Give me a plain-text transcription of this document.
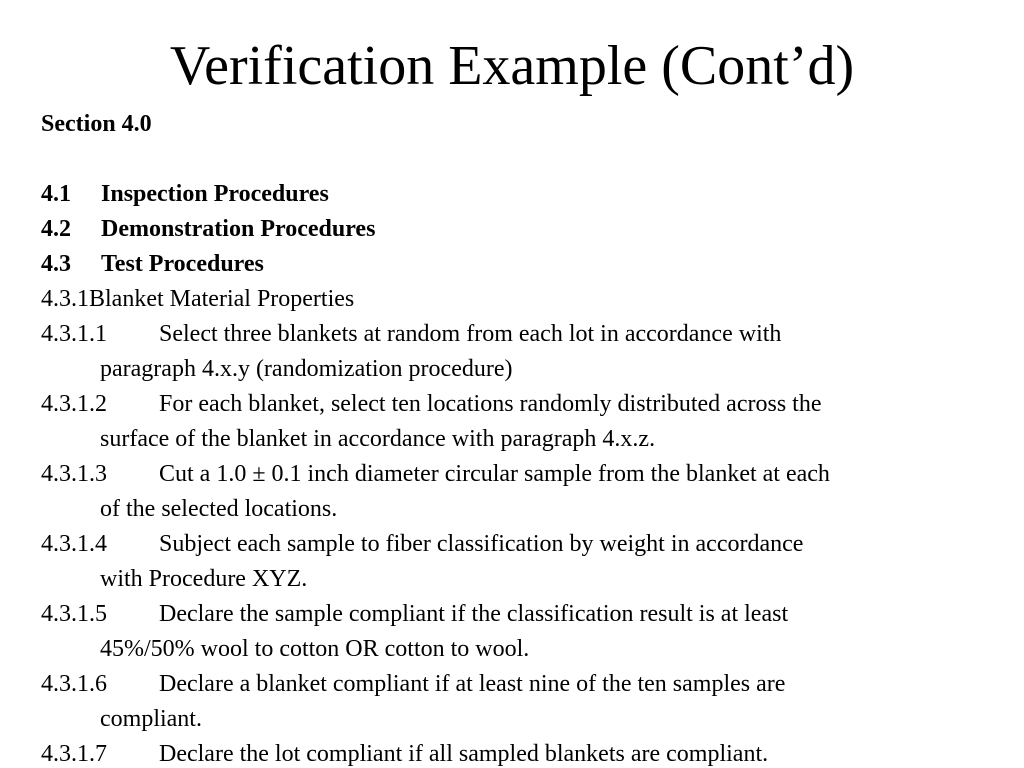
Verification Example (Cont’d)
Section 4.0
4.1 Inspection Procedures
4.2 Demonstration Procedures
4.3 Test Procedures
4.3.1Blanket Material Properties
4.3.1.1 Select three blankets at random from each lot in accordance with
paragraph 4.x.y (randomization procedure)
4.3.1.2 For each blanket, select ten locations randomly distributed across the
surface of the blanket in accordance with paragraph 4.x.z.
4.3.1.3 Cut a 1.0 ± 0.1 inch diameter circular sample from the blanket at each
of the selected locations.
4.3.1.4 Subject each sample to fiber classification by weight in accordance
with Procedure XYZ.
4.3.1.5 Declare the sample compliant if the classification result is at least
45%/50% wool to cotton OR cotton to wool.
4.3.1.6 Declare a blanket compliant if at least nine of the ten samples are
compliant.
4.3.1.7 Declare the lot compliant if all sampled blankets are compliant.
